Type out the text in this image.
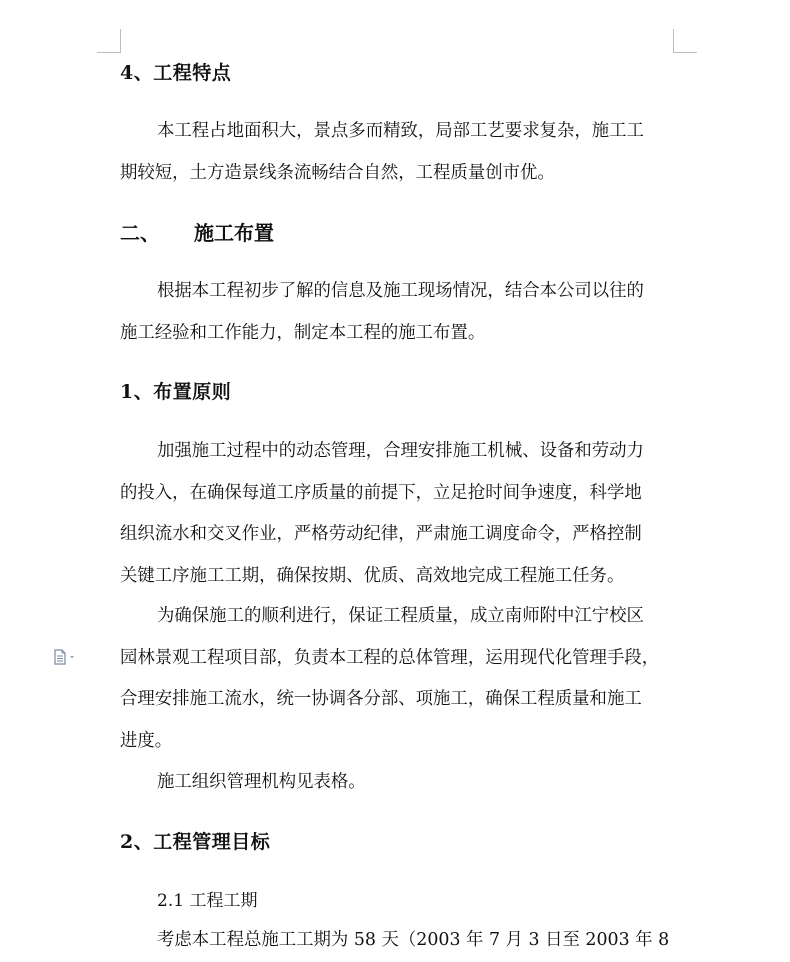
4、工程特点
本工程占地面积大，景点多而精致，局部工艺要求复杂，施工工
期较短，土方造景线条流畅结合自然，工程质量创市优。
二、 施工布置
根据本工程初步了解的信息及施工现场情况，结合本公司以往的
施工经验和工作能力，制定本工程的施工布置。
1、布置原则
加强施工过程中的动态管理，合理安排施工机械、设备和劳动力
的投入，在确保每道工序质量的前提下，立足抢时间争速度，科学地
组织流水和交叉作业，严格劳动纪律，严肃施工调度命令，严格控制
关键工序施工工期，确保按期、优质、高效地完成工程施工任务。
为确保施工的顺利进行，保证工程质量，成立南师附中江宁校区
园林景观工程项目部，负责本工程的总体管理，运用现代化管理手段，
合理安排施工流水，统一协调各分部、项施工，确保工程质量和施工
进度。
施工组织管理机构见表格。
2、工程管理目标
2.1 工程工期
考虑本工程总施工工期为 58 天（2003 年 7 月 3 日至 2003 年 8
